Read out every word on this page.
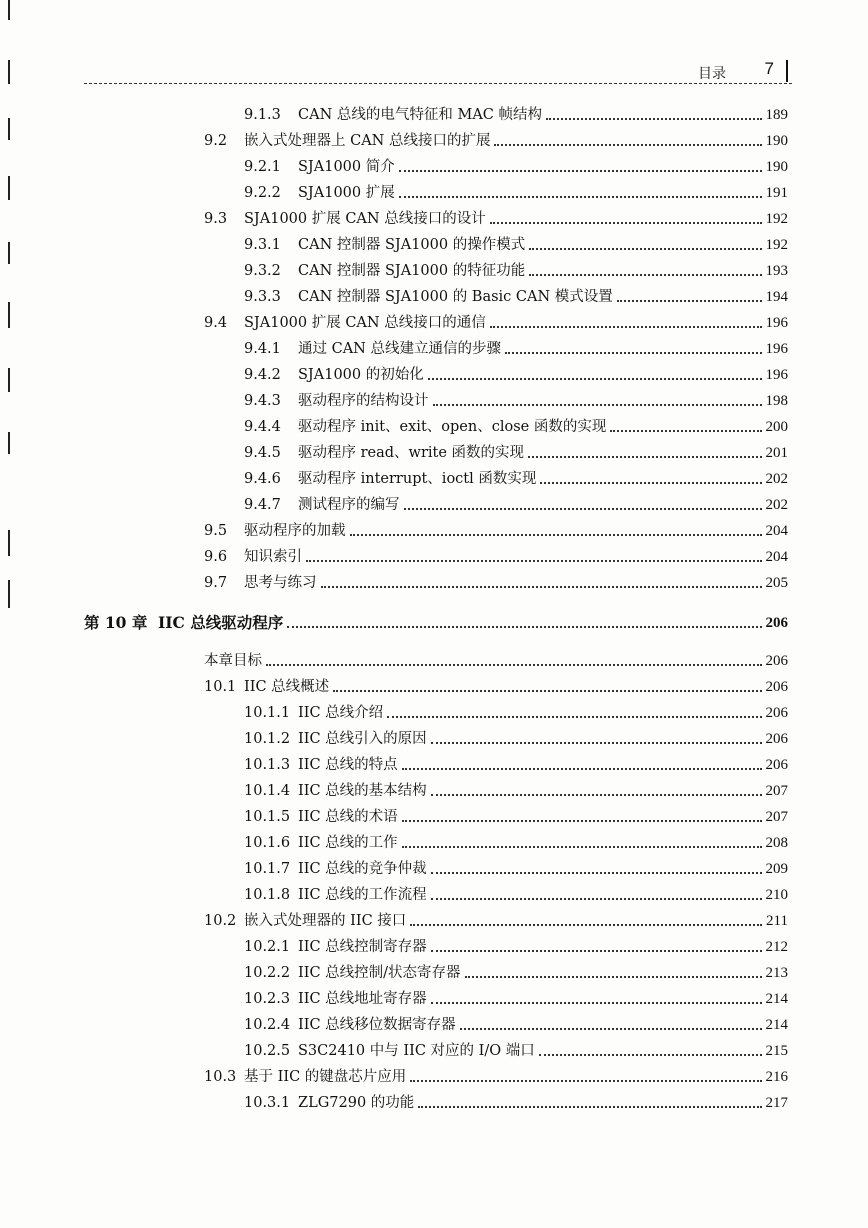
目录 7
9.1.3	CAN 总线的电气特征和 MAC 帧结构	189
9.2	嵌入式处理器上 CAN 总线接口的扩展	190
9.2.1	SJA1000 简介	190
9.2.2	SJA1000 扩展	191
9.3	SJA1000 扩展 CAN 总线接口的设计	192
9.3.1	CAN 控制器 SJA1000 的操作模式	192
9.3.2	CAN 控制器 SJA1000 的特征功能	193
9.3.3	CAN 控制器 SJA1000 的 Basic CAN 模式设置	194
9.4	SJA1000 扩展 CAN 总线接口的通信	196
9.4.1	通过 CAN 总线建立通信的步骤	196
9.4.2	SJA1000 的初始化	196
9.4.3	驱动程序的结构设计	198
9.4.4	驱动程序 init、exit、open、close 函数的实现	200
9.4.5	驱动程序 read、write 函数的实现	201
9.4.6	驱动程序 interrupt、ioctl 函数实现	202
9.4.7	测试程序的编写	202
9.5	驱动程序的加载	204
9.6	知识索引	204
9.7	思考与练习	205
第 10 章 IIC 总线驱动程序	206
本章目标	206
10.1 IIC 总线概述	206
10.1.1 IIC 总线介绍	206
10.1.2 IIC 总线引入的原因	206
10.1.3 IIC 总线的特点	206
10.1.4 IIC 总线的基本结构	207
10.1.5 IIC 总线的术语	207
10.1.6 IIC 总线的工作	208
10.1.7 IIC 总线的竞争仲裁	209
10.1.8 IIC 总线的工作流程	210
10.2 嵌入式处理器的 IIC 接口	211
10.2.1 IIC 总线控制寄存器	212
10.2.2 IIC 总线控制/状态寄存器	213
10.2.3 IIC 总线地址寄存器	214
10.2.4 IIC 总线移位数据寄存器	214
10.2.5 S3C2410 中与 IIC 对应的 I/O 端口	215
10.3 基于 IIC 的键盘芯片应用	216
10.3.1 ZLG7290 的功能	217
